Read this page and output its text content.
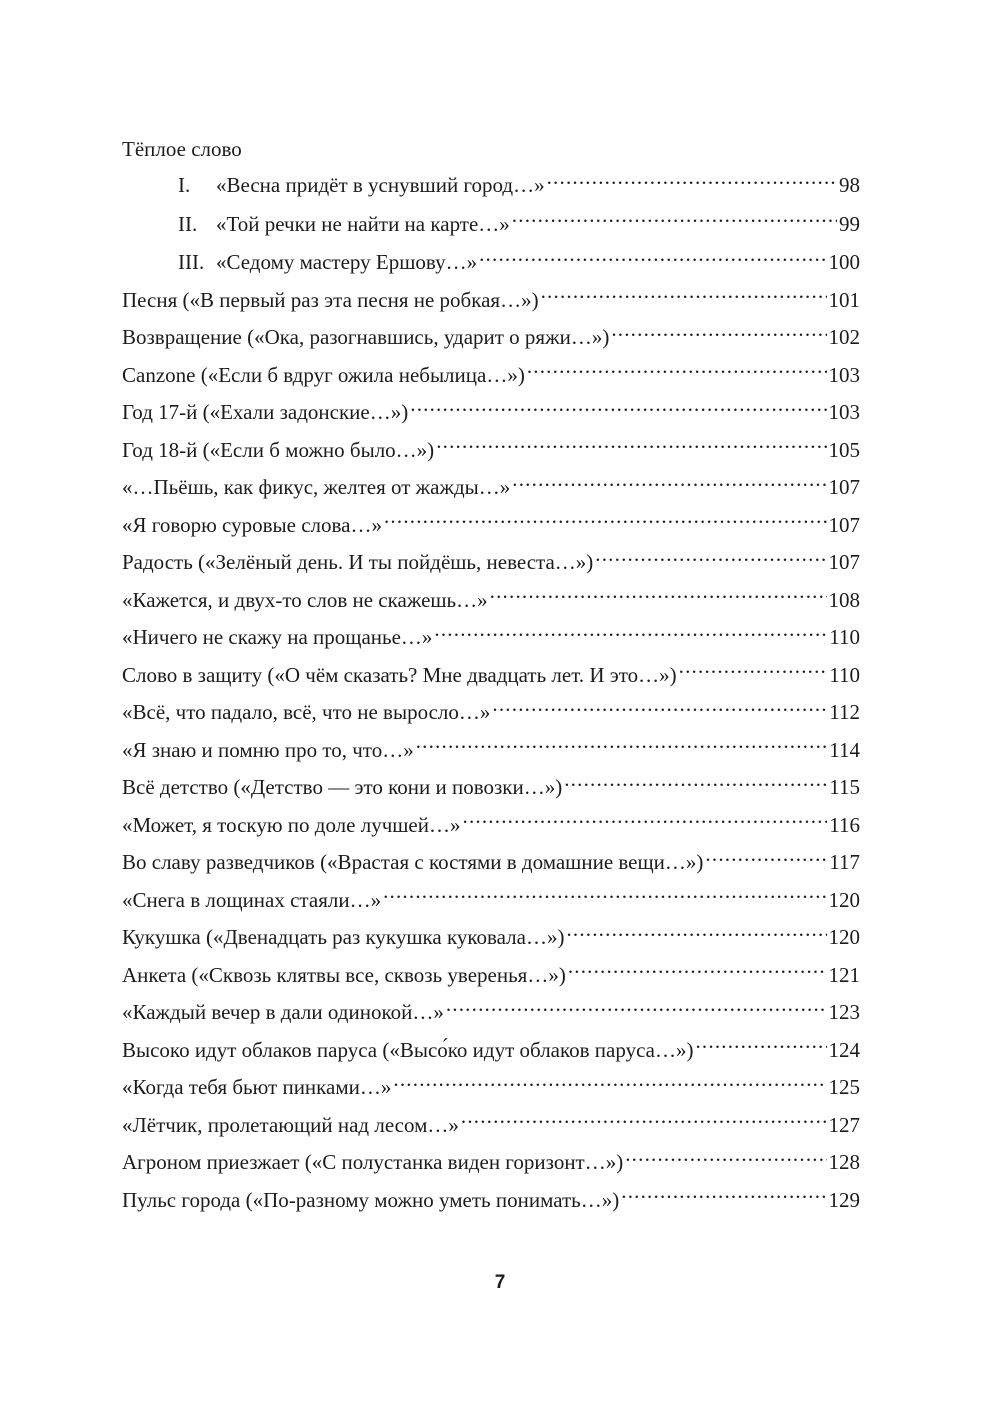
Тёплое слово
I.	«Весна придёт в уснувший город…» .....	98
II. «Той речки не найти на карте…» .....	99
III. «Седому мастеру Ершову…» .....	100
Песня («В первый раз эта песня не робкая…») .....	101
Возвращение («Ока, разогнавшись, ударит о ряжи…») .....	102
Canzone («Если б вдруг ожила небылица…») .....	103
Год 17-й («Ехали задонские…») .....	103
Год 18-й («Если б можно было…») .....	105
«…Пьёшь, как фикус, желтея от жажды…» .....	107
«Я говорю суровые слова…» .....	107
Радость («Зелёный день. И ты пойдёшь, невеста…») .....	107
«Кажется, и двух-то слов не скажешь…» .....	108
«Ничего не скажу на прощанье…» .....	110
Слово в защиту («О чём сказать? Мне двадцать лет. И это…») .....	110
«Всё, что падало, всё, что не выросло…» .....	112
«Я знаю и помню про то, что…» .....	114
Всё детство («Детство — это кони и повозки…») .....	115
«Может, я тоскую по доле лучшей…» .....	116
Во славу разведчиков («Врастая с костями в домашние вещи…») .....	117
«Снега в лощинах стаяли…» .....	120
Кукушка («Двенадцать раз кукушка куковала…») .....	120
Анкета («Сквозь клятвы все, сквозь уверенья…») .....	121
«Каждый вечер в дали одинокой…» .....	123
Высоко идут облаков паруса («Высо́ко идут облаков паруса…») .....	124
«Когда тебя бьют пинками…» .....	125
«Лётчик, пролетающий над лесом…» .....	127
Агроном приезжает («С полустанка виден горизонт…») .....	128
Пульс города («По-разному можно уметь понимать…») .....	129
7
